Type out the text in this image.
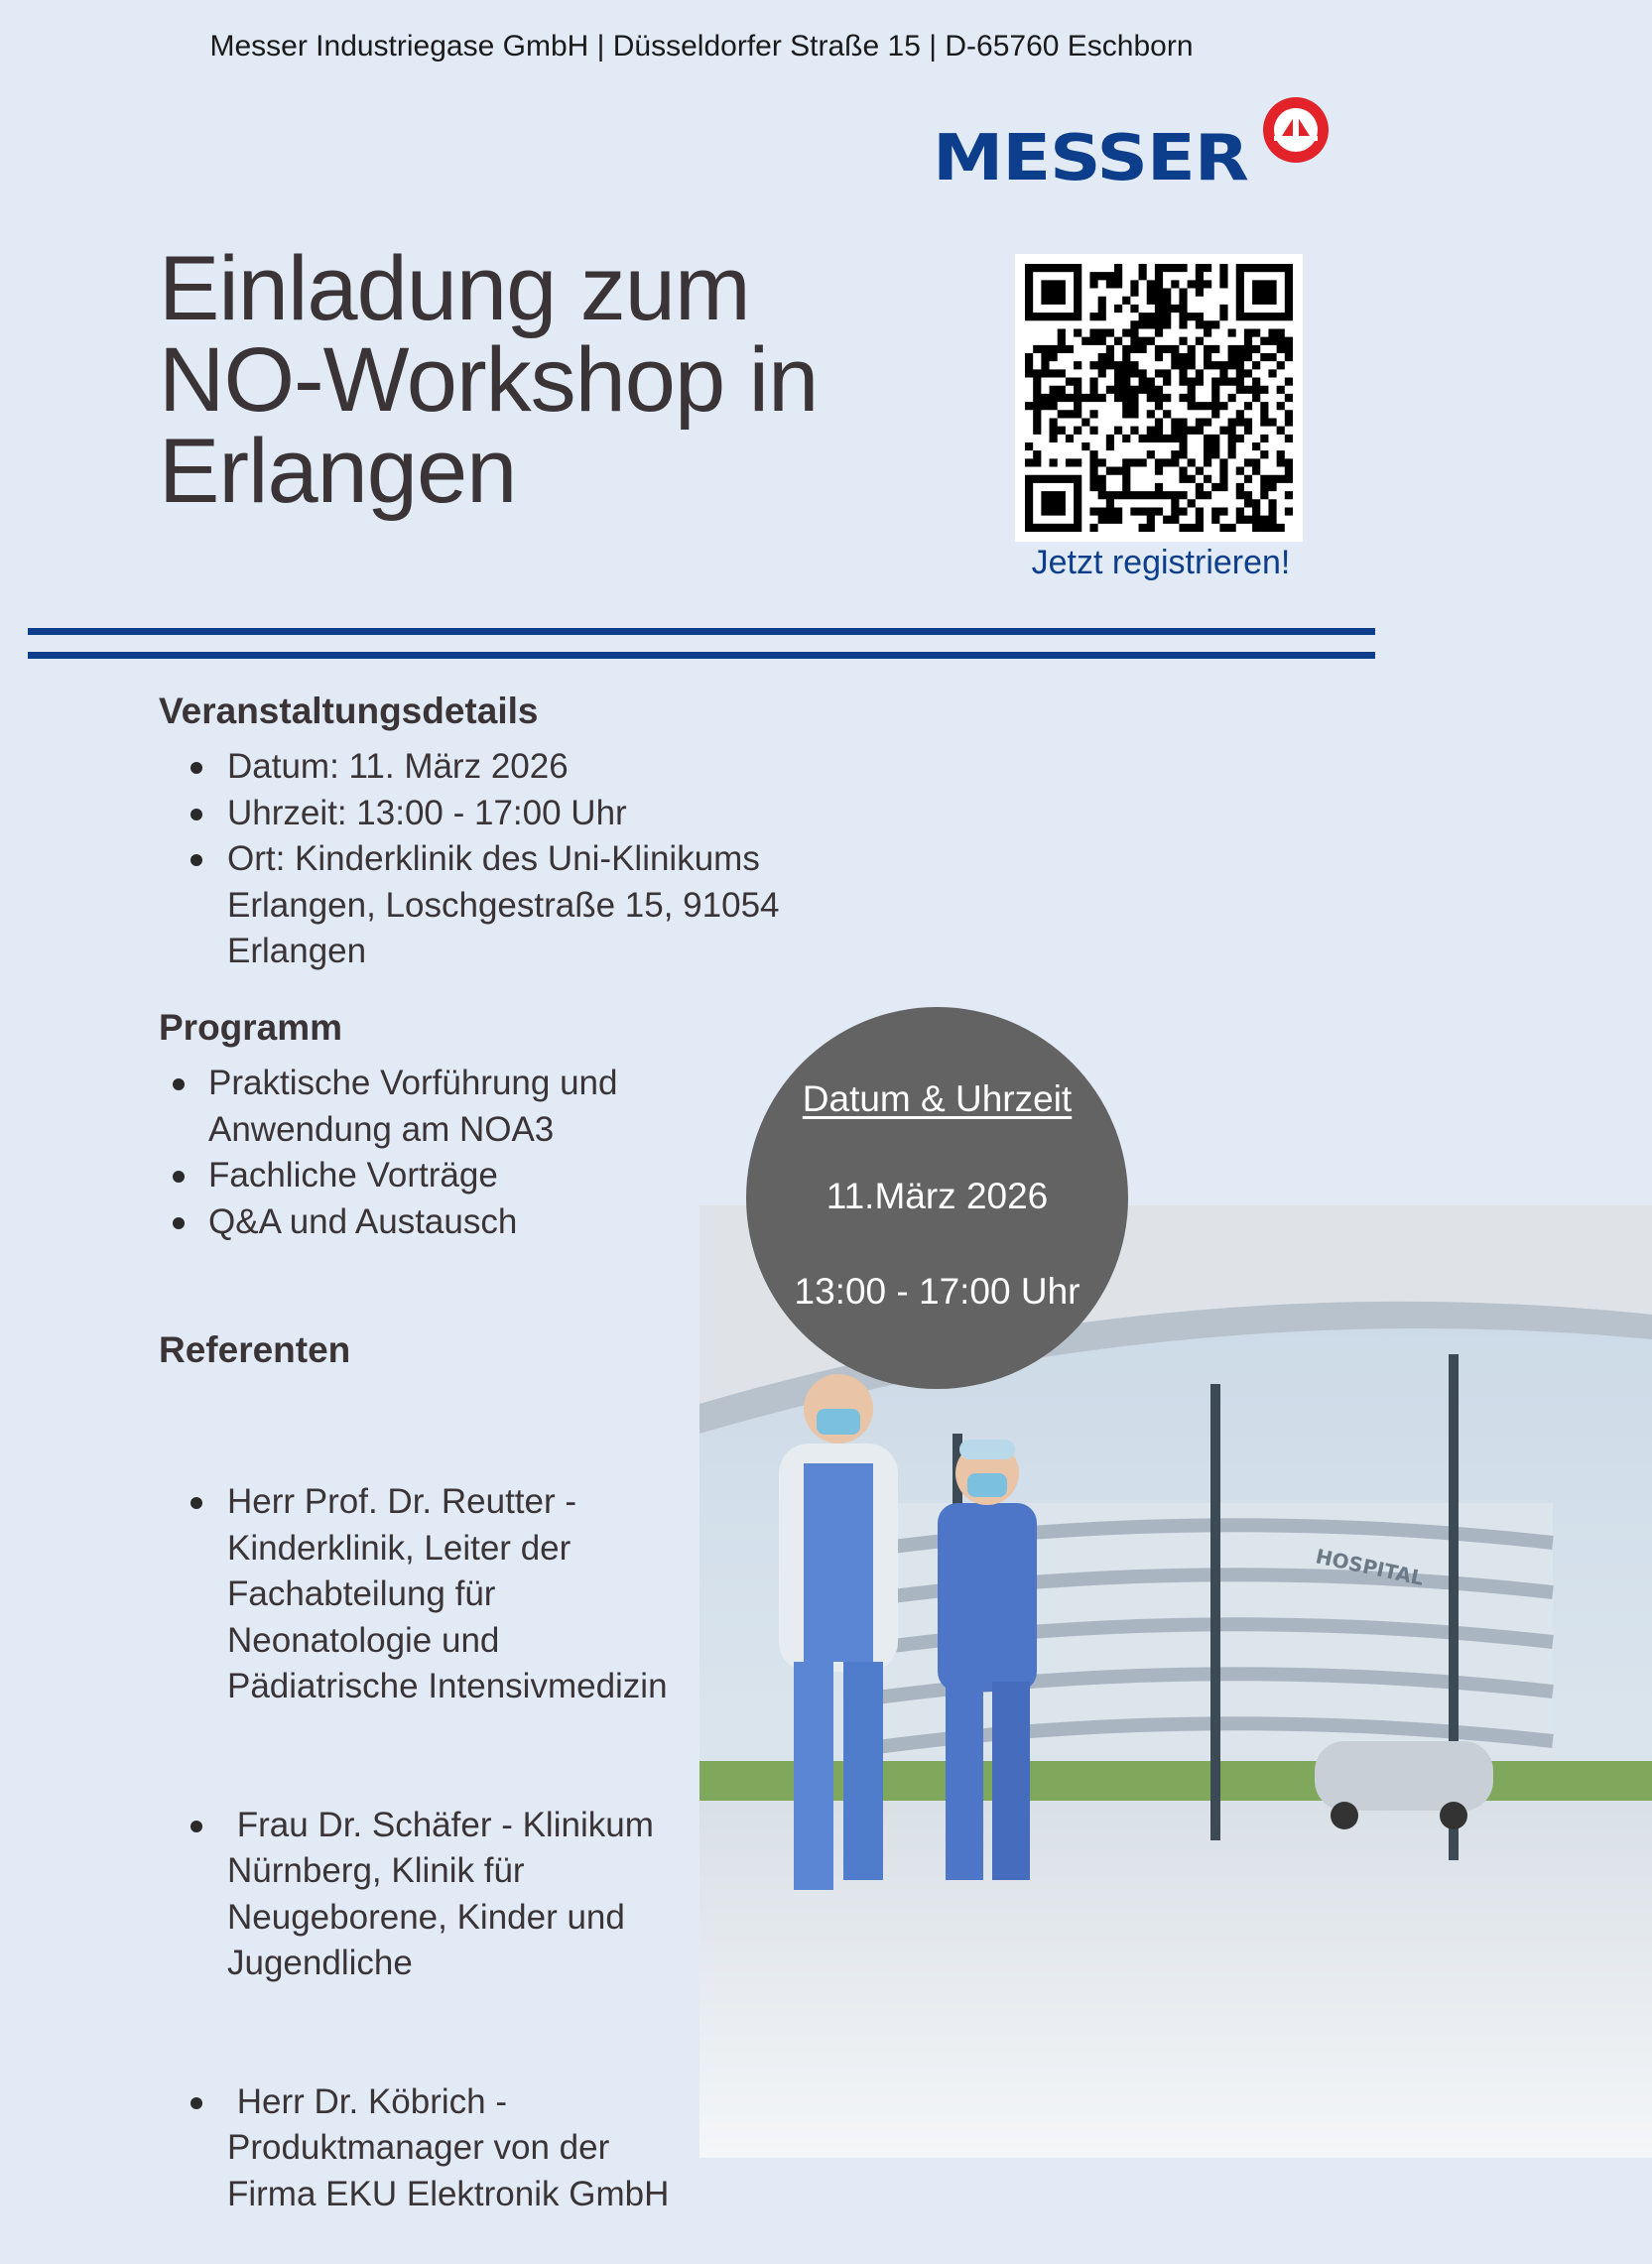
Messer Industriegase GmbH | Düsseldorfer Straße 15 | D-65760 Eschborn
MESSER
Einladung zum
NO-Workshop in
Erlangen
Jetzt registrieren!
Veranstaltungsdetails
Datum: 11. März 2026
Uhrzeit: 13:00 - 17:00 Uhr
Ort: Kinderklinik des Uni-Klinikums
Erlangen, Loschgestraße 15, 91054
Erlangen
Programm
Praktische Vorführung und
Anwendung am NOA3
Fachliche Vorträge
Q&A und Austausch
HOSPITAL
Datum & Uhrzeit
11.März 2026
13:00 - 17:00 Uhr
Referenten

Herr Prof. Dr. Reutter -
Kinderklinik, Leiter der
Fachabteilung für
Neonatologie und
Pädiatrische Intensivmedizin

Frau Dr. Schäfer - Klinikum
Nürnberg, Klinik für
Neugeborene, Kinder und
Jugendliche

Herr Dr. Köbrich -
Produktmanager von der
Firma EKU Elektronik GmbH
